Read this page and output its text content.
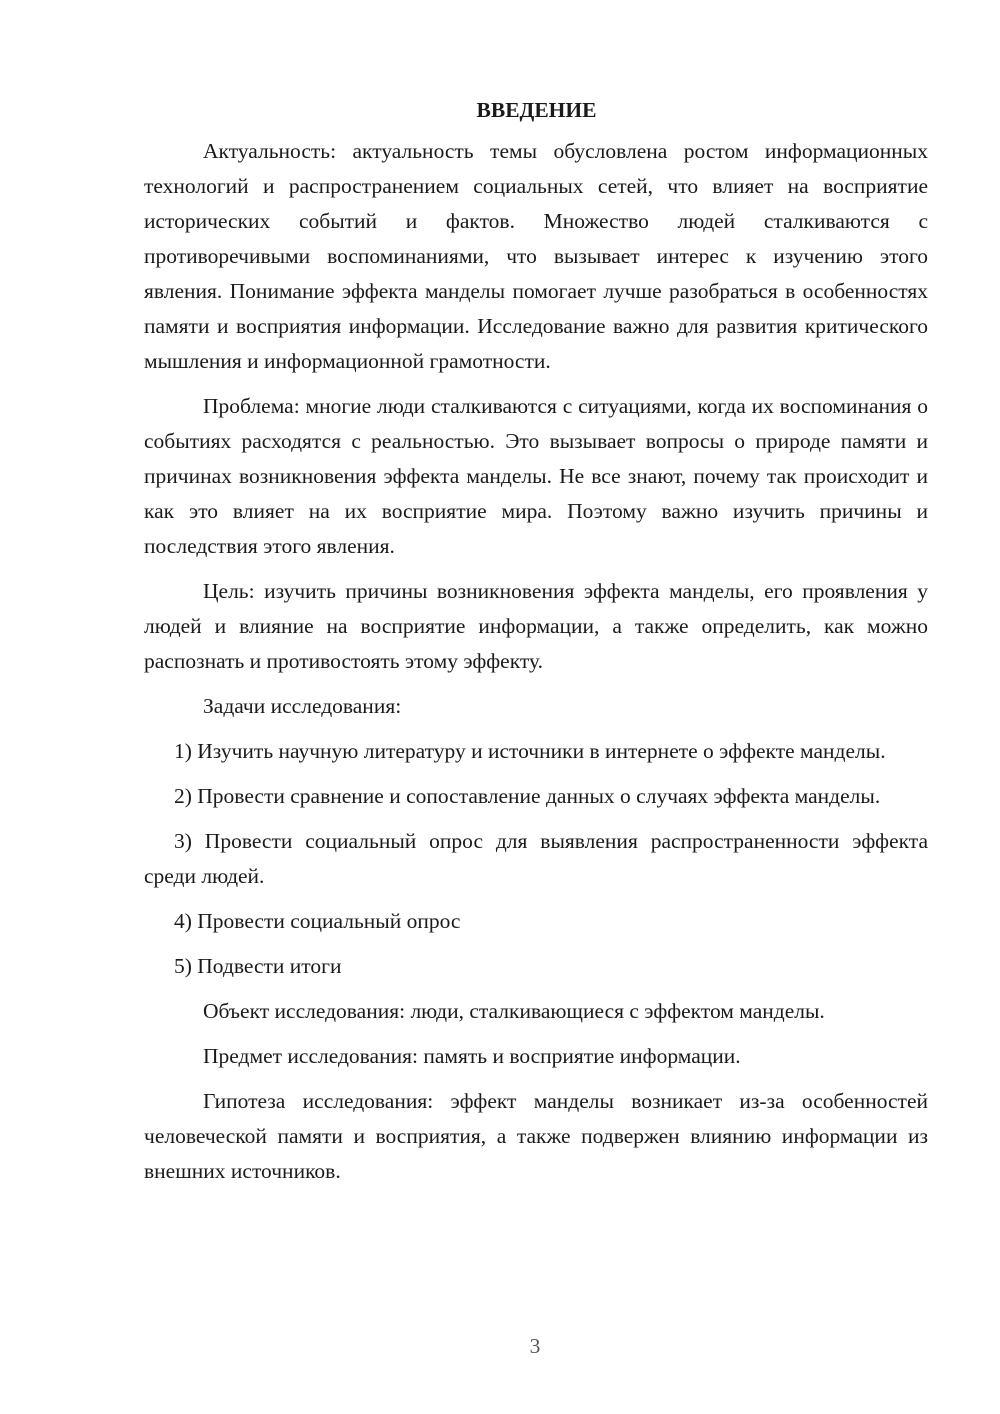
ВВЕДЕНИЕ

Актуальность: актуальность темы обусловлена ростом информационных технологий и распространением социальных сетей, что влияет на восприятие исторических событий и фактов. Множество людей сталкиваются с противоречивыми воспоминаниями, что вызывает интерес к изучению этого явления. Понимание эффекта манделы помогает лучше разобраться в особенностях памяти и восприятия информации. Исследование важно для развития критического мышления и информационной грамотности.

Проблема: многие люди сталкиваются с ситуациями, когда их воспоминания о событиях расходятся с реальностью. Это вызывает вопросы о природе памяти и причинах возникновения эффекта манделы. Не все знают, почему так происходит и как это влияет на их восприятие мира. Поэтому важно изучить причины и последствия этого явления.

Цель: изучить причины возникновения эффекта манделы, его проявления у людей и влияние на восприятие информации, а также определить, как можно распознать и противостоять этому эффекту.

Задачи исследования:

1) Изучить научную литературу и источники в интернете о эффекте манделы.

2) Провести сравнение и сопоставление данных о случаях эффекта манделы.

3) Провести социальный опрос для выявления распространенности эффекта среди людей.

4) Провести социальный опрос

5) Подвести итоги

Объект исследования: люди, сталкивающиеся с эффектом манделы.

Предмет исследования: память и восприятие информации.

Гипотеза исследования: эффект манделы возникает из-за особенностей человеческой памяти и восприятия, а также подвержен влиянию информации из внешних источников.

3
